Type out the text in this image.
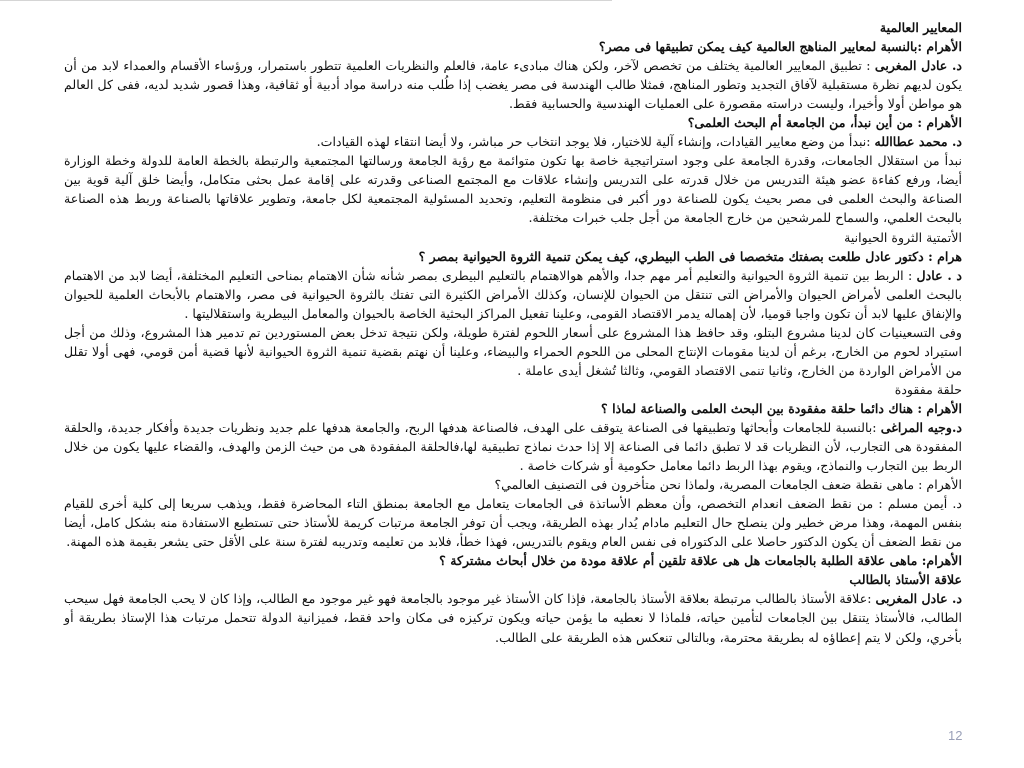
المعايير العالمية

الأهرام :بالنسبة لمعايير المناهج العالمية كيف يمكن تطبيقها فى مصر؟

د. عادل المغربى : تطبيق المعايير العالمية يختلف من تخصص لآخر، ولكن هناك مبادىء عامة، فالعلم والنظريات العلمية تتطور باستمرار، ورؤساء الأقسام والعمداء لابد من أن يكون لديهم نظرة مستقبلية لآفاق التجديد وتطور المناهج، فمثلا طالب الهندسة فى مصر يغضب إذا طُلب منه دراسة مواد أدبية أو ثقافية، وهذا قصور شديد لديه، ففى كل العالم هو مواطن أولا وأخيرا، وليست دراسته مقصورة على العمليات الهندسية والحسابية فقط.

الأهرام : من أين نبدأ، من الجامعة أم البحث العلمى؟

د. محمد عطاالله :نبدأ من وضع معايير القيادات، وإنشاء آلية للاختيار، فلا يوجد انتخاب حر مباشر، ولا أيضا انتقاء لهذه القيادات.

نبدأ من استقلال الجامعات، وقدرة الجامعة على وجود استراتيجية خاصة بها تكون متوائمة مع رؤية الجامعة ورسالتها المجتمعية والرتبطة بالخطة العامة للدولة وخطة الوزارة أيضا، ورفع كفاءة عضو هيئة التدريس من خلال قدرته على التدريس وإنشاء علاقات مع المجتمع الصناعى وقدرته على إقامة عمل بحثى متكامل، وأيضا خلق آلية قوية بين الصناعة والبحث العلمى فى مصر بحيث يكون للصناعة دور أكبر فى منظومة التعليم، وتحديد المسئولية المجتمعية لكل جامعة، وتطوير علاقاتها بالصناعة وربط هذه الصناعة بالبحث العلمي، والسماح للمرشحين من خارج الجامعة من أجل جلب خبرات مختلفة.

الأتمتية الثروة الحيوانية

هرام : دكتور عادل طلعت بصفتك متخصصا فى الطب البيطري، كيف يمكن تنمية الثروة الحيوانية بمصر ؟

د . عادل : الربط بين تنمية الثروة الحيوانية والتعليم أمر مهم جدا، والأهم هوالاهتمام بالتعليم البيطرى بمصر شأنه شأن الاهتمام بمناحى التعليم المختلفة، أيضا لابد من الاهتمام بالبحث العلمى لأمراض الحيوان والأمراض التى تنتقل من الحيوان للإنسان، وكذلك الأمراض الكثيرة التى تفتك بالثروة الحيوانية فى مصر، والاهتمام بالأبحاث العلمية للحيوان والإنفاق عليها لابد أن تكون واجبا قوميا، لأن إهماله يدمر الاقتصاد القومى، وعلينا تفعيل المراكز البحثية الخاصة بالحيوان والمعامل البيطرية واستقلاليتها .

وفى التسعينيات كان لدينا مشروع البتلو، وقد حافظ هذا المشروع على أسعار اللحوم لفترة طويلة، ولكن نتيجة تدخل بعض المستوردين تم تدمير هذا المشروع، وذلك من أجل استيراد لحوم من الخارج، برغم أن لدينا مقومات الإنتاج المحلى من اللحوم الحمراء والبيضاء، وعلينا أن نهتم بقضية تنمية الثروة الحيوانية لأنها قضية أمن قومي، فهى أولا تقلل من الأمراض الواردة من الخارج، وثانيا تنمى الاقتصاد القومي، وثالثا تُشغل أيدى عاملة .

حلقة مفقودة

الأهرام : هناك دائما حلقة مفقودة بين البحث العلمى والصناعة لماذا ؟

د.وجيه المراغى :بالنسبة للجامعات وأبحاثها وتطبيقها فى الصناعة يتوقف على الهدف، فالصناعة هدفها الربح، والجامعة هدفها علم جديد ونظريات جديدة وأفكار جديدة، والحلقة المفقودة هى التجارب، لأن النظريات قد لا تطبق دائما فى الصناعة إلا إذا حدث نماذج تطبيقية لها،فالحلقة المفقودة هى من حيث الزمن والهدف، والقضاء عليها يكون من خلال الربط بين التجارب والنماذج، ويقوم بهذا الربط دائما معامل حكومية أو شركات خاصة .

الأهرام : ماهى نقطة ضعف الجامعات المصرية، ولماذا نحن متأخرون فى التصنيف العالمي؟

د. أيمن مسلم : من نقط الضعف انعدام التخصص، وأن معظم الأساتذة فى الجامعات يتعامل مع الجامعة بمنطق التاء المحاضرة فقط، ويذهب سريعا إلى كلية أخرى للقيام بنفس المهمة، وهذا مرض خطير ولن ينصلح حال التعليم مادام يُدار بهذه الطريقة، ويجب أن توفر الجامعة مرتبات كريمة للأستاذ حتى تستطيع الاستفادة منه بشكل كامل، أيضا من نقط الضعف أن يكون الدكتور حاصلا على الدكتوراه فى نفس العام ويقوم بالتدريس، فهذا خطأ، فلابد من تعليمه وتدريبه لفترة سنة على الأقل حتى يشعر بقيمة هذه المهنة.

الأهرام: ماهى علاقة الطلبة بالجامعات هل هى علاقة تلقين أم علاقة مودة من خلال أبحاث مشتركة ؟

علاقة الأستاذ بالطالب

د. عادل المغربى :علاقة الأستاذ بالطالب مرتبطة بعلاقة الأستاذ بالجامعة، فإذا كان الأستاذ غير موجود بالجامعة فهو غير موجود مع الطالب، وإذا كان لا يحب الجامعة فهل سيحب الطالب، فالأستاذ يتنقل بين الجامعات لتأمين حياته، فلماذا لا نعطيه ما يؤمن حياته ويكون تركيزه فى مكان واحد فقط، فميزانية الدولة تتحمل مرتبات هذا الإستاذ بطريقة أو بأخري، ولكن لا يتم إعطاؤه له بطريقة محترمة، وبالتالى تنعكس هذه الطريقة على الطالب.

12
